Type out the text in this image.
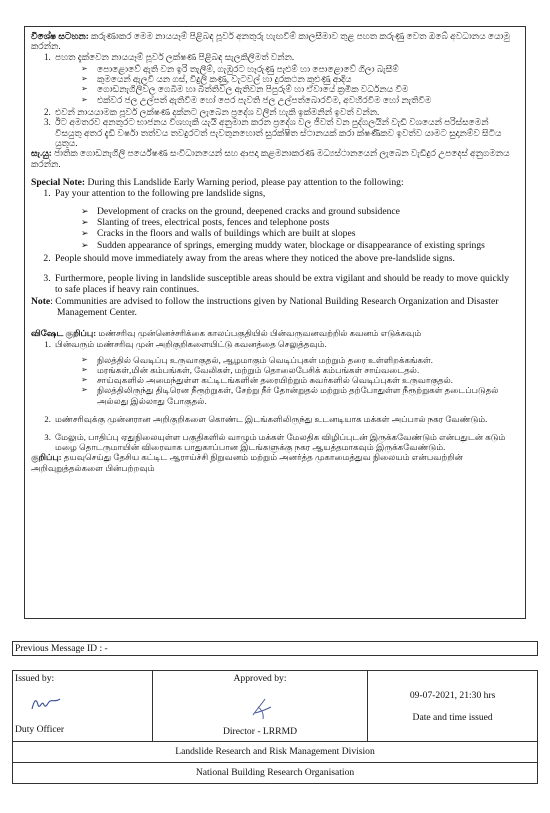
විශේෂ සටහන: කරුණාකර මෙම නායයෑම් පිළිබඳ පූර්ව අනතුරු හැඟවීම් කාලසීමාව තුළ පහත කරුණු වෙත ඔබේ අවධානය යොමු කරන්න.

1. පහත දැක්වෙන නායයෑම් පූර්ව ලක්ෂණ පිළිබඳ සැලකිලිමත් වන්න.
➢ පොළොවේ ඇති වන ඉරි තැලීම්, ගැඹුරට හෑරුණු පැළුම් හා පොළොවේ ගිලා බැසීම්
➢ කුමයෙන් ඇලවී යන ගස්, විදුලි කණු, වැටවල් හා දුරකථන කුළුණු ආදිය
➢ ගොඩනැගිලිවල ගෙබිම හා බිත්තිවල ඇතිවන පිපුරුම් හා ඒවායේ ක්‍රමික වර්ධනය වීම
➢ එක්වර ජල උල්පත් ඇතිවීම හෝ පෙර පැවති ජල උල්පත්බොරවීම, අවහිරවීම හෝ නැතිවීම
2. එවන් නායයාමක පූර්ව ලක්ෂණ දක්නට ලැබෙන ප්‍රදේශ වලින් හැකි ඉක්මනින් ඉවත් වන්න.
3. ඊට අමතරව අනතුරට භාජනය විශහැකි යැයි අනුමාන කරන ප්‍රදේශ වල ජීවත් වන පුද්ගලයින් වැඩි වශයෙන් පරිස්සමෙන් විසයුතු අතර දැඩි වර්ෂා තත්වය තවදුරටත් පැවතුනහොත් සුරක්ෂිත ස්ථානයක් කරා ක්ෂණිකව ඉවත්ව යාමට සුදානම්ව සිටිය යුතුය.

සැ.යු: ජාතික ගොඩනැගිලි පර්යේෂණ සංවිධානයෙන් සහ ආපදා කළමනාකරණ මධ්‍යස්ථානයෙන් ලැබෙන වැඩිදුර උපදෙස් අනුගමනය කරන්න.

Special Note: During this Landslide Early Warning period, please pay attention to the following:

1. Pay your attention to the following pre landslide signs,
➢ Development of cracks on the ground, deepened cracks and ground subsidence
➢ Slanting of trees, electrical posts, fences and telephone posts
➢ Cracks in the floors and walls of buildings which are built at slopes
➢ Sudden appearance of springs, emerging muddy water, blockage or disappearance of existing springs
2. People should move immediately away from the areas where they noticed the above pre-landslide signs.
3. Furthermore, people living in landslide susceptible areas should be extra vigilant and should be ready to move quickly to safe places if heavy rain continues.

Note: Communities are advised to follow the instructions given by National Building Research Organization and Disaster Management Center.

விஷேட குறிப்பு: மண்சரிவு முன்னெச்சரிக்கை காலப்பகுதியில் பின்வருவனவற்றில் கவனம் எடுக்கவும்

1. பின்வரும் மண்சரிவு முன் அறிகுறிகளையிட்டு கவனத்தை செலுத்தவும்.
➢ நிலத்தில் வெடிப்பு உருவாகுதல், ஆழமாகும் வெடிப்புகள் மற்றும் தரை உள்ளிறக்கங்கள்.
➢ மரங்கள்,மின் கம்பங்கள், வேலிகள், மற்றும் தொலைபேசிக் கம்பங்கள் சாய்வடைதல்.
➢ சாய்வுகளில் அமைந்துள்ள கட்டிடங்களின் தரையிற்றும் சுவர்களில் வெடிப்புகள் உருவாகுதல்.
➢ நிலத்திலிருந்து திடிரென நீரூற்றுகள், சேற்று நீர் தோன்றுதல் மற்றும் தற்போதுள்ள நீரூற்றுகள் தடைப்படுதல் அல்லது இல்லாது போகுதல்.
2. மண்சரிவுக்கு முன்னரான அறிகுறிகளை கொண்ட இடங்களிலிருந்து உடனடியாக மக்கள் அப்பால் நகர வேண்டும்.
3. மேலும், பாதிப்பு ஏதுநிலையுள்ள பகுதிகளில் வாழும் மக்கள் மேலதிக விழிப்புடன் இருக்கவேண்டும் என்பதுடன் கடும் மழை தொடருமாயின் விரைவாக பாதுகாப்பான இடங்களுக்கு நகர ஆயத்தமாகவும் இருக்கவேண்டும்.

குறிப்பு: தயவுசெய்து தேசிய கட்டிட ஆராய்ச்சி நிறுவனம் மற்றும் அனர்த்த முகாமைத்துவ நிலையம் என்பவற்றின் அறிவுறுத்தல்களை பின்பற்றவும்

Previous Message ID : -
Issued by:
Duty Officer

Approved by:
Director - LRRMD

09-07-2021, 21:30 hrs
Date and time issued

Landslide Research and Risk Management Division
National Building Research Organisation
